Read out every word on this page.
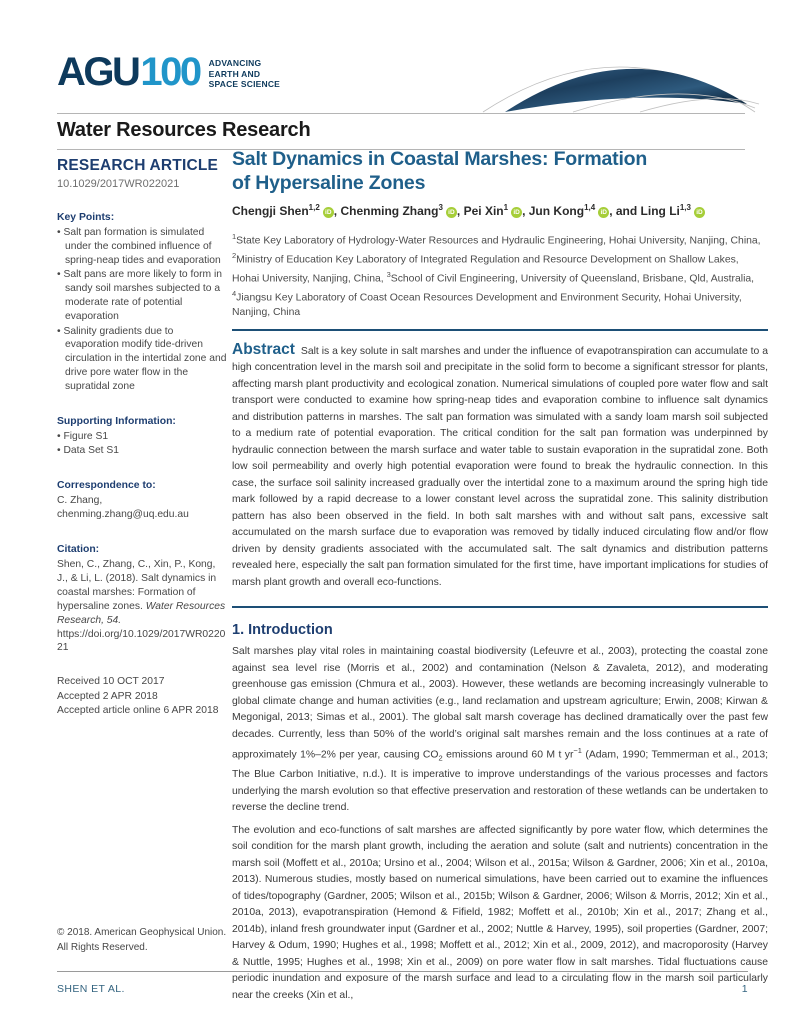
AGU100 ADVANCING
EARTH AND
SPACE SCIENCE
Water Resources Research
RESEARCH ARTICLE
10.1029/2017WR022021
Key Points:
• Salt pan formation is simulated under the combined influence of spring-neap tides and evaporation
• Salt pans are more likely to form in sandy soil marshes subjected to a moderate rate of potential evaporation
• Salinity gradients due to evaporation modify tide-driven circulation in the intertidal zone and drive pore water flow in the supratidal zone
Supporting Information:
• Figure S1
• Data Set S1
Correspondence to:
C. Zhang,
chenming.zhang@uq.edu.au
Citation:

Shen, C., Zhang, C., Xin, P., Kong, J., & Li, L. (2018). Salt dynamics in coastal marshes: Formation of hypersaline zones. Water Resources Research, 54. https://doi.org/10.1029/2017WR022021

Received 10 OCT 2017
Accepted 2 APR 2018
Accepted article online 6 APR 2018
© 2018. American Geophysical Union.
All Rights Reserved.
Salt Dynamics in Coastal Marshes: Formation
of Hypersaline Zones
Chengji Shen$^{1,2}$iD , Chenming Zhang$^3$iD , Pei Xin$^1$iD , Jun Kong$^{1,4}$iD , and Ling Li$^{1,3}$iD
$^1$State Key Laboratory of Hydrology-Water Resources and Hydraulic Engineering, Hohai University, Nanjing, China, $^2$Ministry of Education Key Laboratory of Integrated Regulation and Resource Development on Shallow Lakes, Hohai University, Nanjing, China, $^3$School of Civil Engineering, University of Queensland, Brisbane, Qld, Australia, $^4$Jiangsu Key Laboratory of Coast Ocean Resources Development and Environment Security, Hohai University, Nanjing, China

Abstract Salt is a key solute in salt marshes and under the influence of evapotranspiration can accumulate to a high concentration level in the marsh soil and precipitate in the solid form to become a significant stressor for plants, affecting marsh plant productivity and ecological zonation. Numerical simulations of coupled pore water flow and salt transport were conducted to examine how spring-neap tides and evaporation combine to influence salt dynamics and distribution patterns in marshes. The salt pan formation was simulated with a sandy loam marsh soil subjected to a medium rate of potential evaporation. The critical condition for the salt pan formation was underpinned by hydraulic connection between the marsh surface and water table to sustain evaporation in the supratidal zone. Both low soil permeability and overly high potential evaporation were found to break the hydraulic connection. In this case, the surface soil salinity increased gradually over the intertidal zone to a maximum around the spring high tide mark followed by a rapid decrease to a lower constant level across the supratidal zone. This salinity distribution pattern has also been observed in the field. In both salt marshes with and without salt pans, excessive salt accumulated on the marsh surface due to evaporation was removed by tidally induced circulating flow and/or flow driven by density gradients associated with the accumulated salt. The salt dynamics and distribution patterns revealed here, especially the salt pan formation simulated for the first time, have important implications for studies of marsh plant growth and overall eco-functions.

1. Introduction

Salt marshes play vital roles in maintaining coastal biodiversity (Lefeuvre et al., 2003), protecting the coastal zone against sea level rise (Morris et al., 2002) and contamination (Nelson & Zavaleta, 2012), and moderating greenhouse gas emission (Chmura et al., 2003). However, these wetlands are becoming increasingly vulnerable to global climate change and human activities (e.g., land reclamation and upstream agriculture; Erwin, 2008; Kirwan & Megonigal, 2013; Simas et al., 2001). The global salt marsh coverage has declined dramatically over the past few decades. Currently, less than 50% of the world’s original salt marshes remain and the loss continues at a rate of approximately 1%–2% per year, causing $CO_2$ emissions around 60 M t $yr^{-1}$ (Adam, 1990; Temmerman et al., 2013; The Blue Carbon Initiative, n.d.). It is imperative to improve understandings of the various processes and factors underlying the marsh evolution so that effective preservation and restoration of these wetlands can be undertaken to reverse the decline trend.

The evolution and eco-functions of salt marshes are affected significantly by pore water flow, which determines the soil condition for the marsh plant growth, including the aeration and solute (salt and nutrients) concentration in the marsh soil (Moffett et al., 2010a; Ursino et al., 2004; Wilson et al., 2015a; Wilson & Gardner, 2006; Xin et al., 2010a, 2013). Numerous studies, mostly based on numerical simulations, have been carried out to examine the influences of tides/topography (Gardner, 2005; Wilson et al., 2015b; Wilson & Gardner, 2006; Wilson & Morris, 2012; Xin et al., 2010a, 2013), evapotranspiration (Hemond & Fifield, 1982; Moffett et al., 2010b; Xin et al., 2017; Zhang et al., 2014b), inland fresh groundwater input (Gardner et al., 2002; Nuttle & Harvey, 1995), soil properties (Gardner, 2007; Harvey & Odum, 1990; Hughes et al., 1998; Moffett et al., 2012; Xin et al., 2009, 2012), and macroporosity (Harvey & Nuttle, 1995; Hughes et al., 1998; Xin et al., 2009) on pore water flow in salt marshes. Tidal fluctuations cause periodic inundation and exposure of the marsh surface and lead to a circulating flow in the marsh soil particularly near the creeks (Xin et al.,

SHEN ET AL.	1
